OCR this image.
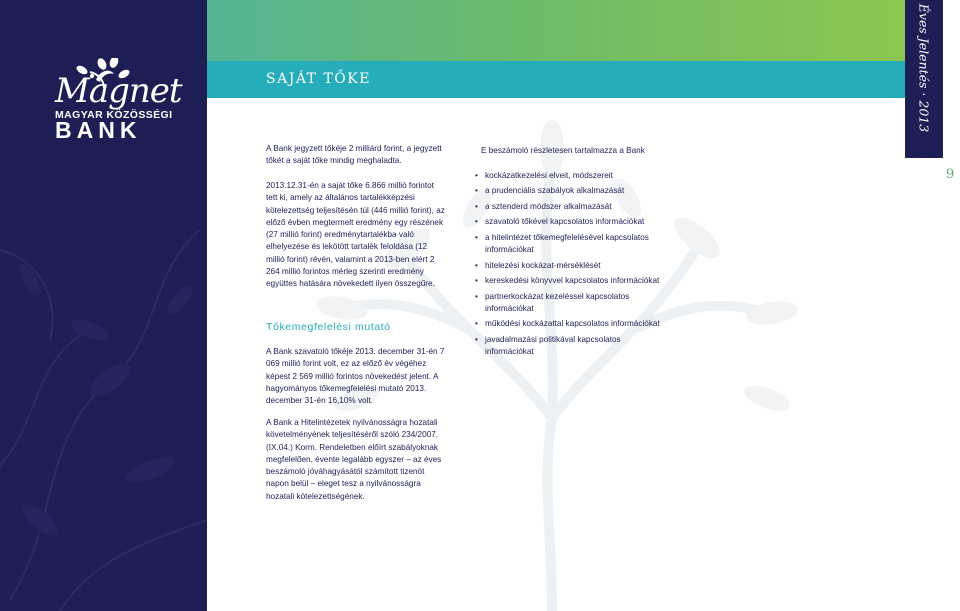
Magnet
MAGYAR KÖZÖSSÉGI
BANK
SAJÁT TŐKE	Éves Jelentés · 2013
9
A Bank jegyzett tőkéje 2 milliárd forint, a jegyzett tőkét a saját tőke mindig meghaladta.
2013.12.31-én a saját tőke 6.866 millió forintot tett ki, amely az általános tartalékképzési kötelezettség teljesítésén túl (446 millió forint), az előző évben megtermelt eredmény egy részének (27 millió forint) eredménytartalékba való elhelyezése és lekötött tartalék feloldása (12 millió forint) révén, valamint a 2013-ben elért 2 264 millió forintos mérleg szerinti eredmény együttes hatására növekedett ilyen összegűre.
Tőkemegfelelési mutató
A Bank szavatoló tőkéje 2013. december 31-én 7 069 millió forint volt, ez az előző év végéhez képest 2 569 millió forintos növekedést jelent. A hagyományos tőkemegfelelési mutató 2013. december 31-én 16,10% volt.
A Bank a Hitelintézetek nyilvánosságra hozatali követelményének teljesítéséről szóló 234/2007. (IX.04.) Korm. Rendeletben előírt szabályoknak megfelelően, évente legalább egyszer – az éves beszámoló jóváhagyásától számított tizenöt napon belül – eleget tesz a nyilvánosságra hozatali kötelezettségének.
E beszámoló részletesen tartalmazza a Bank
• kockázatkezelési elveit, módszereit
• a prudenciális szabályok alkalmazását
• a sztenderd módszer alkalmazását
• szavatoló tőkével kapcsolatos információkat
• a hitelintézet tőkemegfelelésével kapcsolatos információkat
• hitelezési kockázat-mérséklését
• kereskedési könyvvel kapcsolatos információkat
• partnerkockázat kezeléssel kapcsolatos információkat
• működési kockázattal kapcsolatos információkat
• javadalmazási politikával kapcsolatos információkat
